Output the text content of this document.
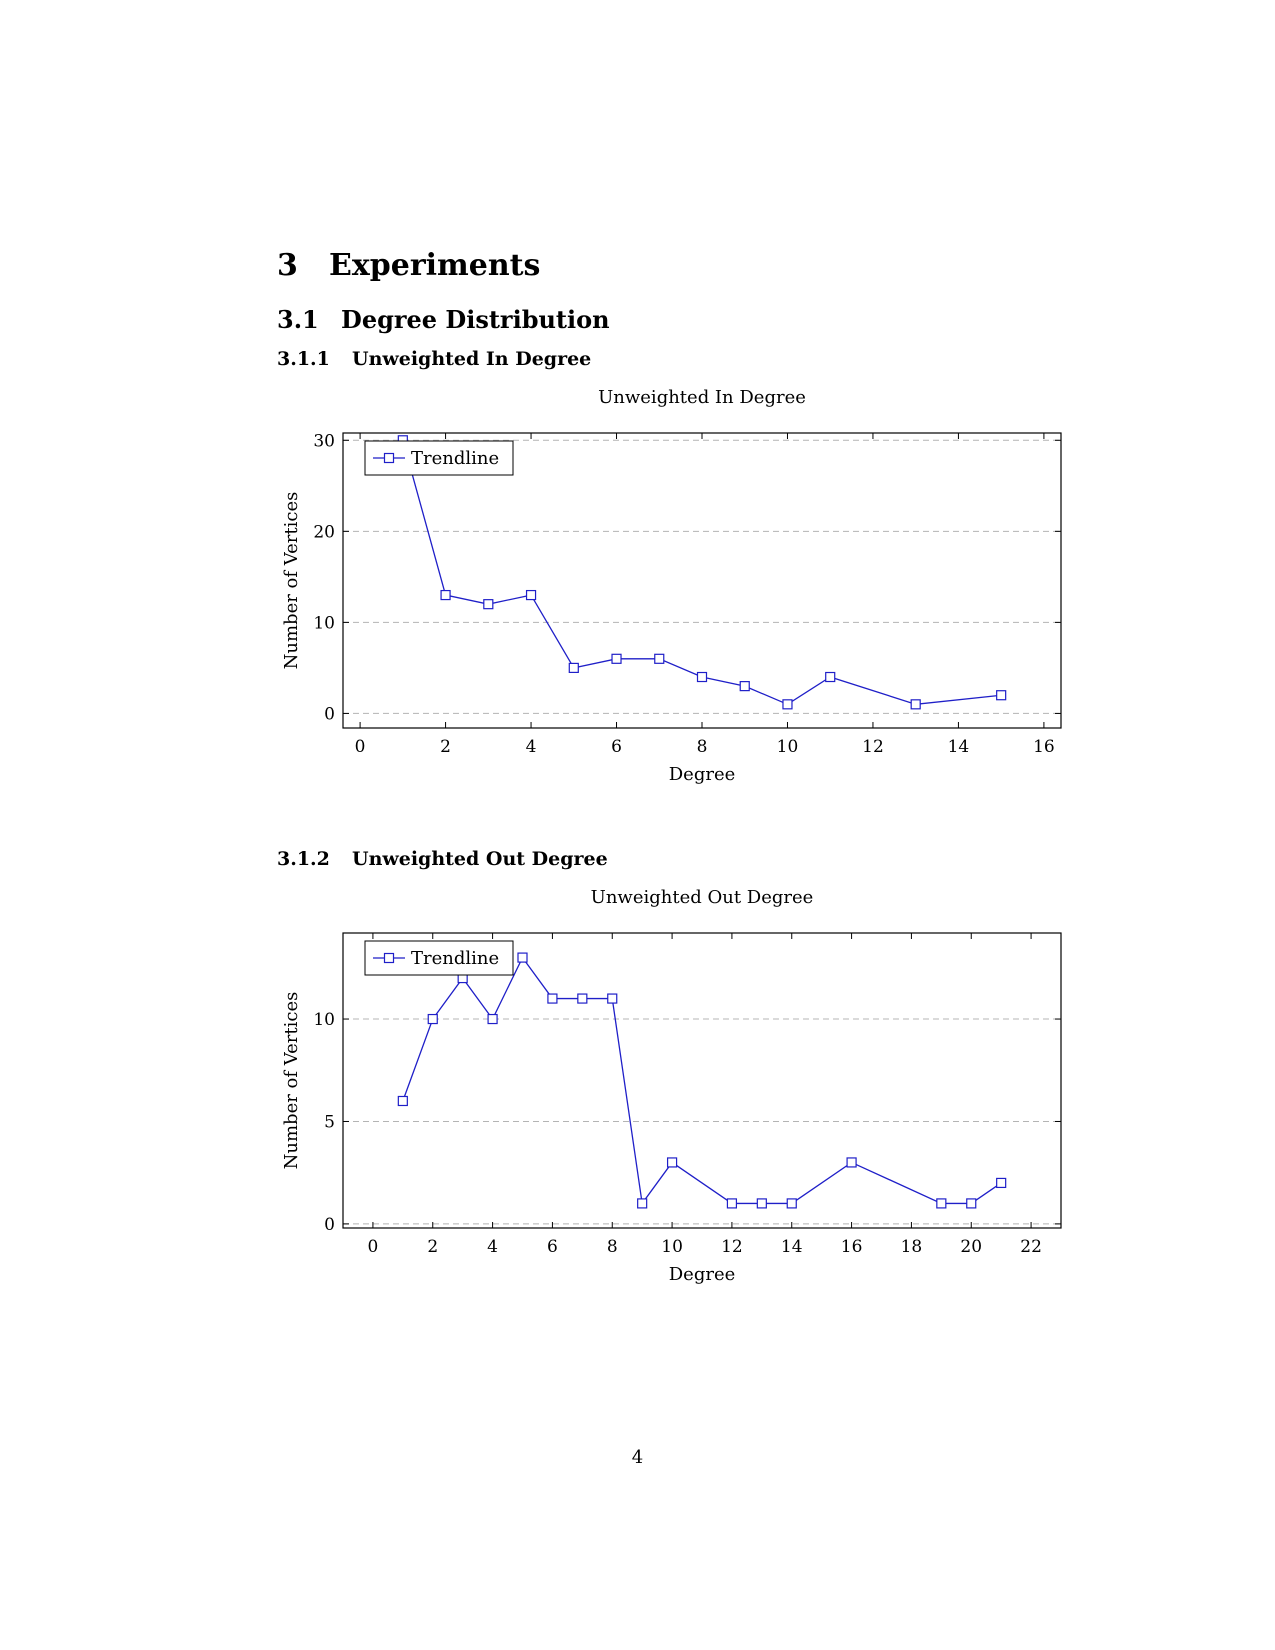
3 Experiments
3.1 Degree Distribution
3.1.1 Unweighted In Degree
Unweighted In Degree
0	2	4	6	8	10	12	14	16
0
10
20
30
Degree
Number of Vertices
Trendline
3.1.2 Unweighted Out Degree
Unweighted Out Degree
0	2	4	6	8	10 12 14 16 18 20 22
0
5
10
Degree
Number of Vertices
Trendline
4
